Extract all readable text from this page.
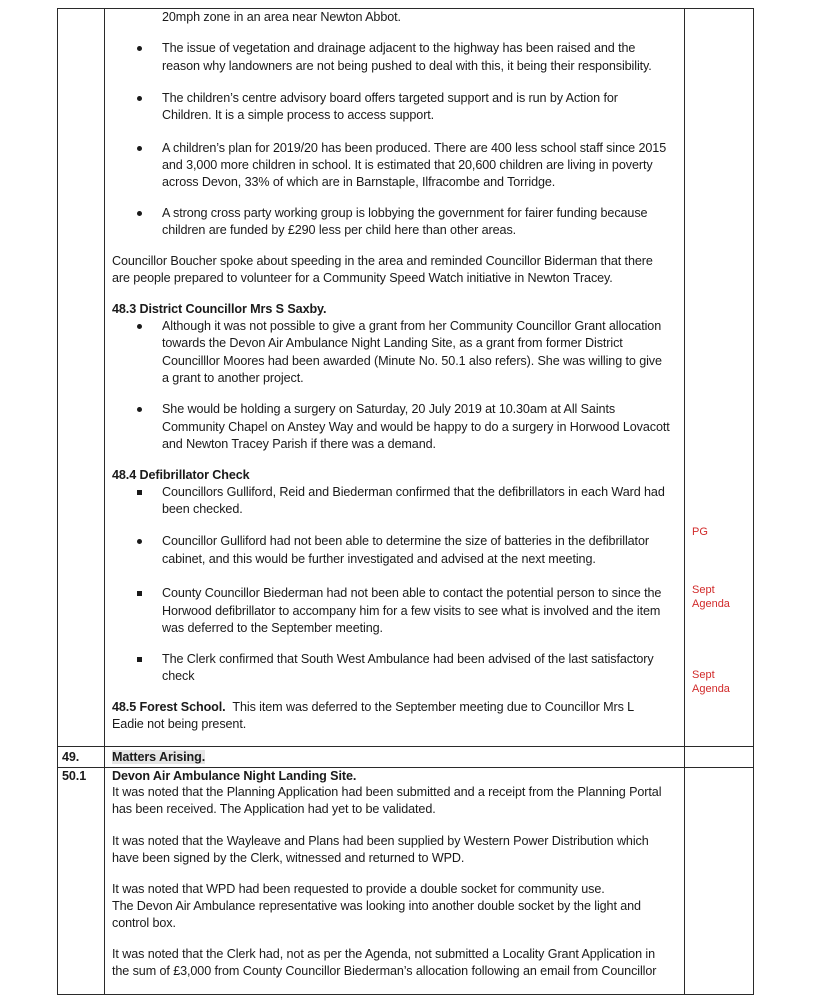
20mph zone in an area near Newton Abbot.
The issue of vegetation and drainage adjacent to the highway has been raised and the
reason why landowners are not being pushed to deal with this, it being their responsibility.
The children’s centre advisory board offers targeted support and is run by Action for
Children. It is a simple process to access support.
A children’s plan for 2019/20 has been produced. There are 400 less school staff since 2015
and 3,000 more children in school. It is estimated that 20,600 children are living in poverty
across Devon, 33% of which are in Barnstaple, Ilfracombe and Torridge.
A strong cross party working group is lobbying the government for fairer funding because
children are funded by £290 less per child here than other areas.
Councillor Boucher spoke about speeding in the area and reminded Councillor Biderman that there
are people prepared to volunteer for a Community Speed Watch initiative in Newton Tracey.
48.3 District Councillor Mrs S Saxby.
Although it was not possible to give a grant from her Community Councillor Grant allocation
towards the Devon Air Ambulance Night Landing Site, as a grant from former District
Councilllor Moores had been awarded (Minute No. 50.1 also refers). She was willing to give
a grant to another project.
She would be holding a surgery on Saturday, 20 July 2019 at 10.30am at All Saints
Community Chapel on Anstey Way and would be happy to do a surgery in Horwood Lovacott
and Newton Tracey Parish if there was a demand.
48.4 Defibrillator Check
Councillors Gulliford, Reid and Biederman confirmed that the defibrillators in each Ward had
been checked.
Councillor Gulliford had not been able to determine the size of batteries in the defibrillator
cabinet, and this would be further investigated and advised at the next meeting.
County Councillor Biederman had not been able to contact the potential person to since the
Horwood defibrillator to accompany him for a few visits to see what is involved and the item
was deferred to the September meeting.
The Clerk confirmed that South West Ambulance had been advised of the last satisfactory
check
48.5 Forest School. This item was deferred to the September meeting due to Councillor Mrs L
Eadie not being present.
49.	Matters Arising.
50.1 Devon Air Ambulance Night Landing Site.
It was noted that the Planning Application had been submitted and a receipt from the Planning Portal
has been received. The Application had yet to be validated.
It was noted that the Wayleave and Plans had been supplied by Western Power Distribution which
have been signed by the Clerk, witnessed and returned to WPD.
It was noted that WPD had been requested to provide a double socket for community use.
The Devon Air Ambulance representative was looking into another double socket by the light and
control box.
It was noted that the Clerk had, not as per the Agenda, not submitted a Locality Grant Application in
the sum of £3,000 from County Councillor Biederman’s allocation following an email from Councillor
PG
Sept
Agenda
Sept
Agenda
